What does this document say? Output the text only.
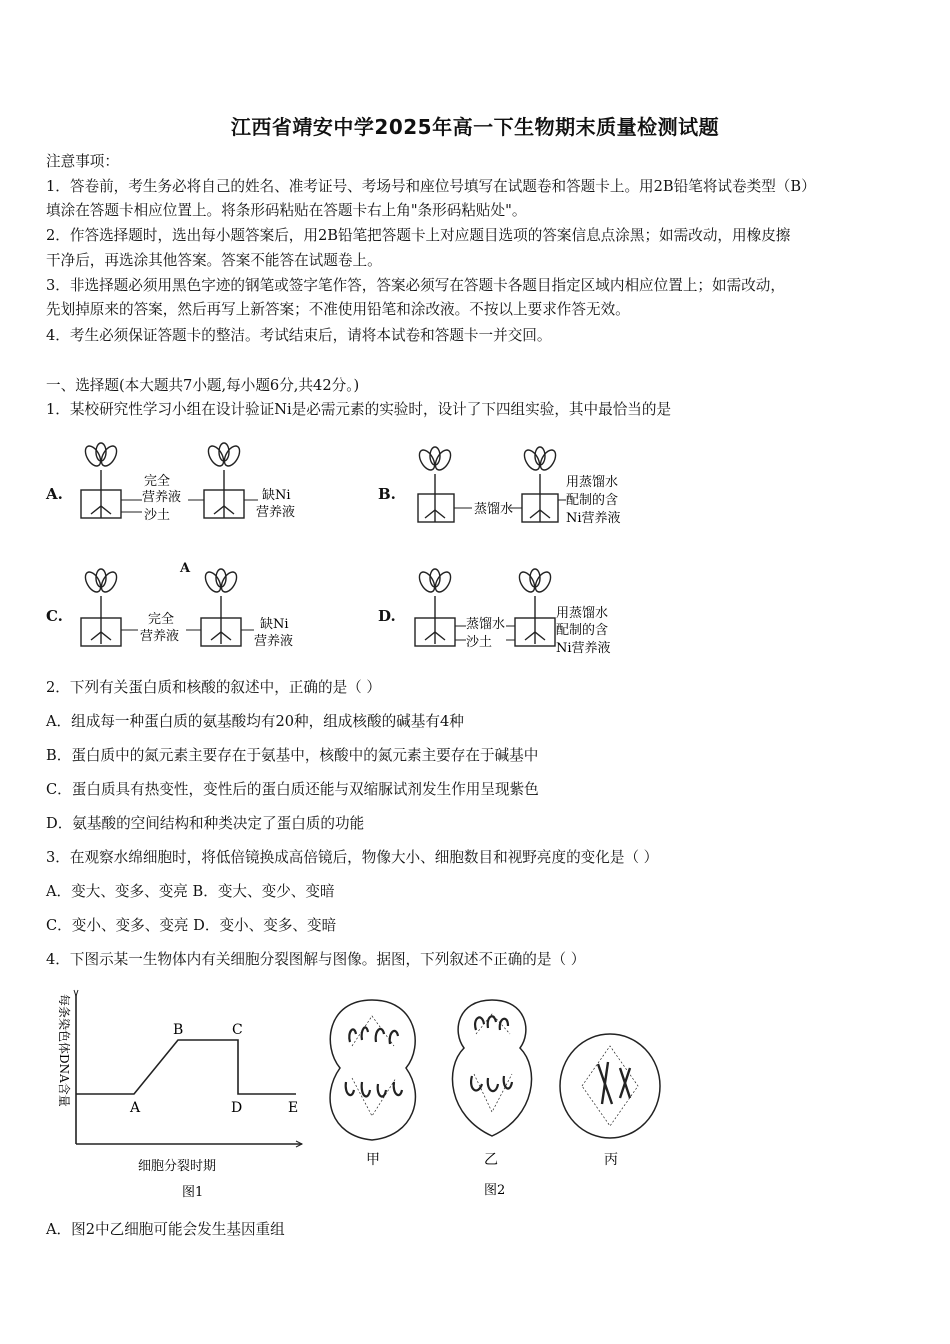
江西省靖安中学2025年高一下生物期末质量检测试题
注意事项：
1．答卷前，考生务必将自己的姓名、准考证号、考场号和座位号填写在试题卷和答题卡上。用2B铅笔将试卷类型（B）
填涂在答题卡相应位置上。将条形码粘贴在答题卡右上角"条形码粘贴处"。
2．作答选择题时，选出每小题答案后，用2B铅笔把答题卡上对应题目选项的答案信息点涂黑；如需改动，用橡皮擦
干净后，再选涂其他答案。答案不能答在试题卷上。
3．非选择题必须用黑色字迹的钢笔或签字笔作答，答案必须写在答题卡各题目指定区域内相应位置上；如需改动，
先划掉原来的答案，然后再写上新答案；不准使用铅笔和涂改液。不按以上要求作答无效。
4．考生必须保证答题卡的整洁。考试结束后，请将本试卷和答题卡一并交回。
一、选择题(本大题共7小题,每小题6分,共42分。)
1．某校研究性学习小组在设计验证Ni是必需元素的实验时，设计了下四组实验，其中最恰当的是
A.	B.
C.	D.
A
完全
营养液
沙土
缺Ni
营养液	蒸馏水
用蒸馏水
配制的含
Ni营养液
完全
营养液
缺Ni
营养液
蒸馏水
沙土
用蒸馏水
配制的含
Ni营养液
2．下列有关蛋白质和核酸的叙述中，正确的是（ ）
A．组成每一种蛋白质的氨基酸均有20种，组成核酸的碱基有4种
B．蛋白质中的氮元素主要存在于氨基中，核酸中的氮元素主要存在于碱基中
C．蛋白质具有热变性，变性后的蛋白质还能与双缩脲试剂发生作用呈现紫色
D．氨基酸的空间结构和种类决定了蛋白质的功能
3．在观察水绵细胞时，将低倍镜换成高倍镜后，物像大小、细胞数目和视野亮度的变化是（ ）
A．变大、变多、变亮 B．变大、变少、变暗
C．变小、变多、变亮 D．变小、变多、变暗
4．下图示某一生物体内有关细胞分裂图解与图像。据图，下列叙述不正确的是（ ）
每条染色体DNA含量
A
B	C
D	E
细胞分裂时期
图1
甲	乙	丙
图2
A．图2中乙细胞可能会发生基因重组
